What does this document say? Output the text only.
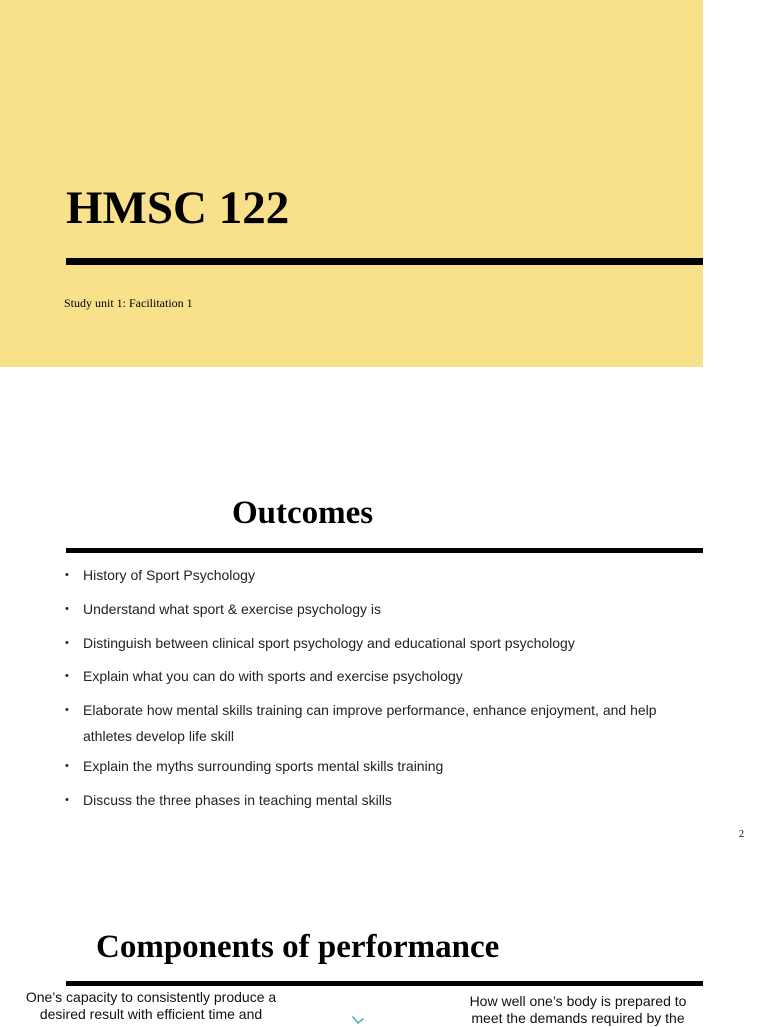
HMSC 122
Study unit 1: Facilitation 1
Outcomes
• History of Sport Psychology
• Understand what sport & exercise psychology is
• Distinguish between clinical sport psychology and educational sport psychology
• Explain what you can do with sports and exercise psychology
• Elaborate how mental skills training can improve performance, enhance enjoyment, and help athletes develop life skill
• Explain the myths surrounding sports mental skills training
• Discuss the three phases in teaching mental skills
2
Components of performance
One’s capacity to consistently produce a desired result with efficient time and
How well one’s body is prepared to meet the demands required by the
